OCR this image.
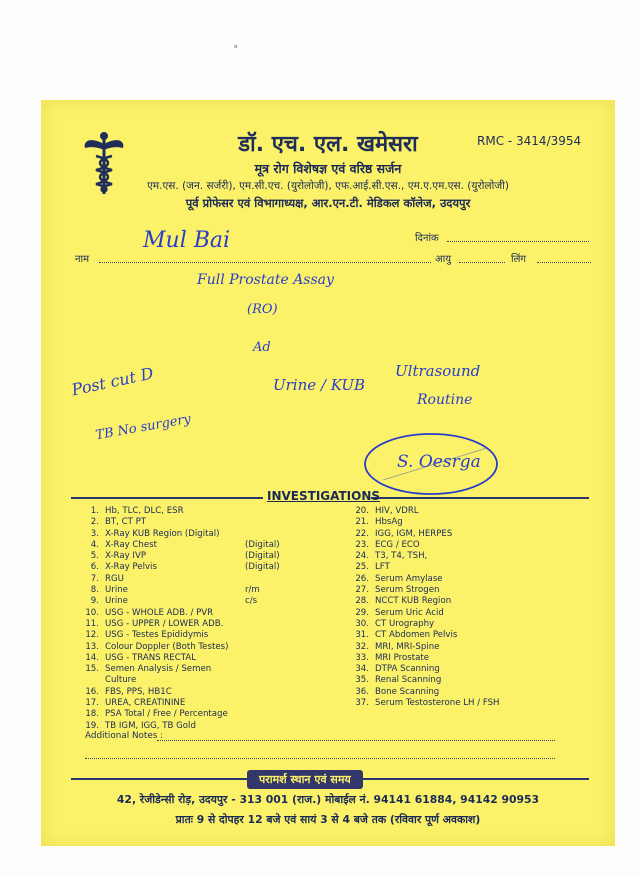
ᵊ
डॉ. एच. एल. खमेसरा	RMC - 3414/3954
मूत्र रोग विशेषज्ञ एवं वरिष्ठ सर्जन
एम.एस. (जन. सर्जरी), एम.सी.एच. (युरोलोजी), एफ.आई.सी.एस., एम.ए.एम.एस. (युरोलोजी)
पूर्व प्रोफेसर एवं विभागाध्यक्ष, आर.एन.टी. मेडिकल कॉलेज, उदयपुर
दिनांक
नाम	आयु	लिंग
Mul Bai
Full Prostate Assay
(RO)
Ad
Post cut D
TB No surgery
Urine / KUB
Ultrasound
Routine
S. Oesrga
INVESTIGATIONS
1. Hb, TLC, DLC, ESR
2. BT, CT PT
3. X-Ray KUB Region (Digital)
4. X-Ray Chest	(Digital)
5. X-Ray IVP	(Digital)
6. X-Ray Pelvis	(Digital)
7. RGU
8. Urine	r/m
9. Urine	c/s
10. USG - WHOLE ADB. / PVR
11. USG - UPPER / LOWER ADB.
12. USG - Testes Epididymis
13. Colour Doppler (Both Testes)
14. USG - TRANS RECTAL
15. Semen Analysis / Semen Culture
16. FBS, PPS, HB1C
17. UREA, CREATININE
18. PSA Total / Free / Percentage
19. TB IGM, IGG, TB Gold
20. HIV, VDRL
21. HbsAg
22. IGG, IGM, HERPES
23. ECG / ECO
24. T3, T4, TSH,
25. LFT
26. Serum Amylase
27. Serum Strogen
28. NCCT KUB Region
29. Serum Uric Acid
30. CT Urography
31. CT Abdomen Pelvis
32. MRI, MRI-Spine
33. MRI Prostate
34. DTPA Scanning
35. Renal Scanning
36. Bone Scanning
37. Serum Testosterone LH / FSH
Additional Notes :
परामर्श स्थान एवं समय
42, रेजीडेन्सी रोड़, उदयपुर - 313 001 (राज.) मोबाईल नं. 94141 61884, 94142 90953
प्रातः 9 से दोपहर 12 बजे एवं सायं 3 से 4 बजे तक (रविवार पूर्ण अवकाश)
